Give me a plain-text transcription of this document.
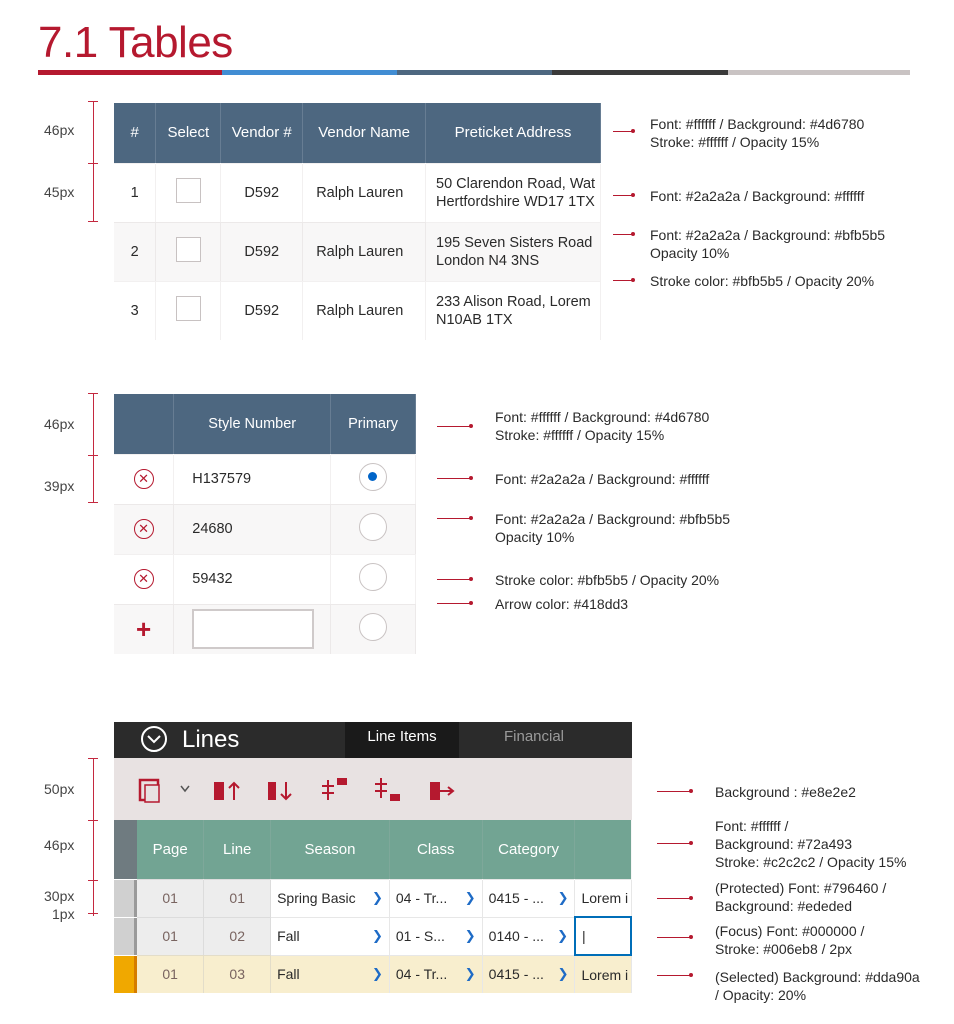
7.1 Tables
46px
45px
#	Select	Vendor #	Vendor Name	Preticket Address
1		D592	Ralph Lauren	50 Clarendon Road, Wat
Hertfordshire WD17 1TX

2		D592	Ralph Lauren	195 Seven Sisters Road
London N4 3NS

3		D592	Ralph Lauren	233 Alison Road, Lorem
N10AB 1TX
Font: #ffffff / Background: #4d6780
Stroke: #ffffff / Opacity 15%
Font: #2a2a2a / Background: #ffffff
Font: #2a2a2a / Background: #bfb5b5
Opacity 10%
Stroke color: #bfb5b5 / Opacity 20%
46px
39px
	Style Number	Primary
✕	H137579	
✕	24680	
✕	59432	
+		
Font: #ffffff / Background: #4d6780
Stroke: #ffffff / Opacity 15%
Font: #2a2a2a / Background: #ffffff
Font: #2a2a2a / Background: #bfb5b5
Opacity 10%
Stroke color: #bfb5b5 / Opacity 20%
Arrow color: #418dd3
50px
46px
30px
1px
Lines	Line Items	Financial
Page	Line	Season	Class	Category	
01	01	Spring Basic ❯	04 - Tr... ❯	0415 - ... ❯	Lorem i
01	02	Fall ❯	01 - S... ❯	0140 - ... ❯	|
01	03	Fall ❯	04 - Tr... ❯	0415 - ... ❯	Lorem i
Background : #e8e2e2
Font: #ffffff /
Background: #72a493
Stroke: #c2c2c2 / Opacity 15%
(Protected) Font: #796460 /
Background: #ededed
(Focus) Font: #000000 /
Stroke: #006eb8 / 2px
(Selected) Background: #dda90a
/ Opacity: 20%
